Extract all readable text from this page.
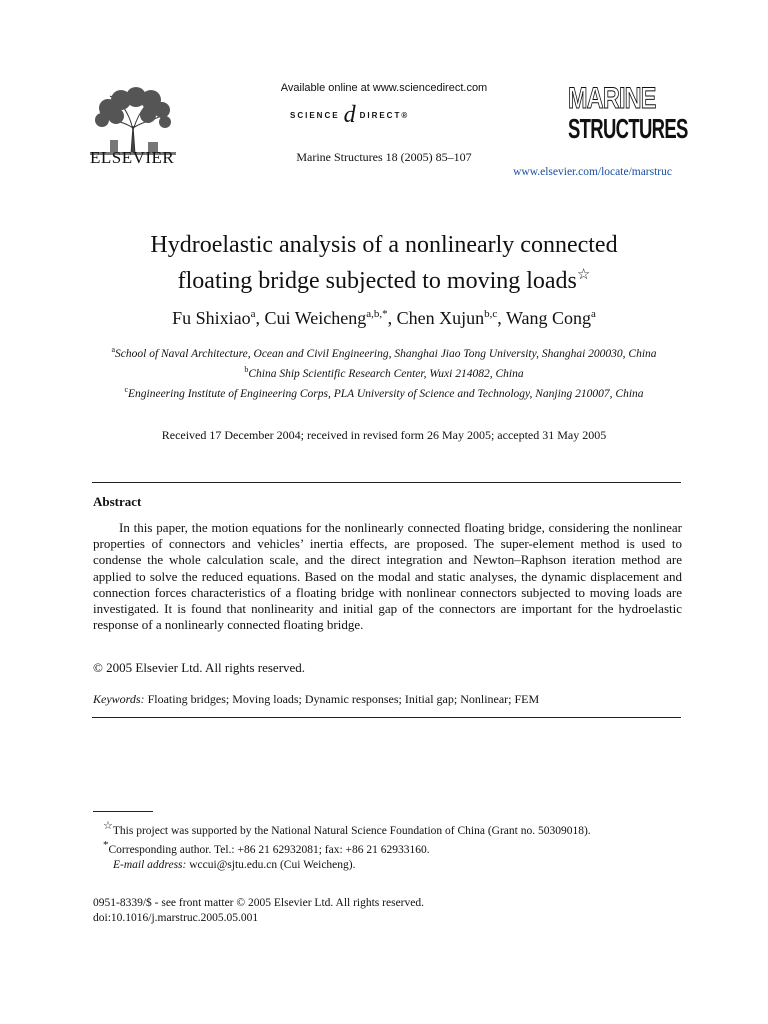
ELSEVIER
Available online at www.sciencedirect.com
SCIENCE d DIRECT®
Marine Structures 18 (2005) 85–107
MARINE
STRUCTURES
www.elsevier.com/locate/marstruc
Hydroelastic analysis of a nonlinearly connected
floating bridge subjected to moving loads☆
Fu Shixiao$^a$, Cui Weicheng$^{a,b,*}$, Chen Xujun$^{b,c}$, Wang Cong$^a$
$^a$School of Naval Architecture, Ocean and Civil Engineering, Shanghai Jiao Tong University, Shanghai 200030, China
$^b$China Ship Scientific Research Center, Wuxi 214082, China
$^c$Engineering Institute of Engineering Corps, PLA University of Science and Technology, Nanjing 210007, China
Received 17 December 2004; received in revised form 26 May 2005; accepted 31 May 2005
Abstract
In this paper, the motion equations for the nonlinearly connected floating bridge, considering the nonlinear properties of connectors and vehicles’ inertia effects, are proposed. The super-element method is used to condense the whole calculation scale, and the direct integration and Newton–Raphson iteration method are applied to solve the reduced equations. Based on the modal and static analyses, the dynamic displacement and connection forces characteristics of a floating bridge with nonlinear connectors subjected to moving loads are investigated. It is found that nonlinearity and initial gap of the connectors are important for the hydroelastic response of a nonlinearly connected floating bridge.
© 2005 Elsevier Ltd. All rights reserved.
Keywords: Floating bridges; Moving loads; Dynamic responses; Initial gap; Nonlinear; FEM
☆This project was supported by the National Natural Science Foundation of China (Grant no. 50309018).
*Corresponding author. Tel.: +86 21 62932081; fax: +86 21 62933160.
E-mail address: wccui@sjtu.edu.cn (Cui Weicheng).
0951-8339/$ - see front matter © 2005 Elsevier Ltd. All rights reserved.
doi:10.1016/j.marstruc.2005.05.001
